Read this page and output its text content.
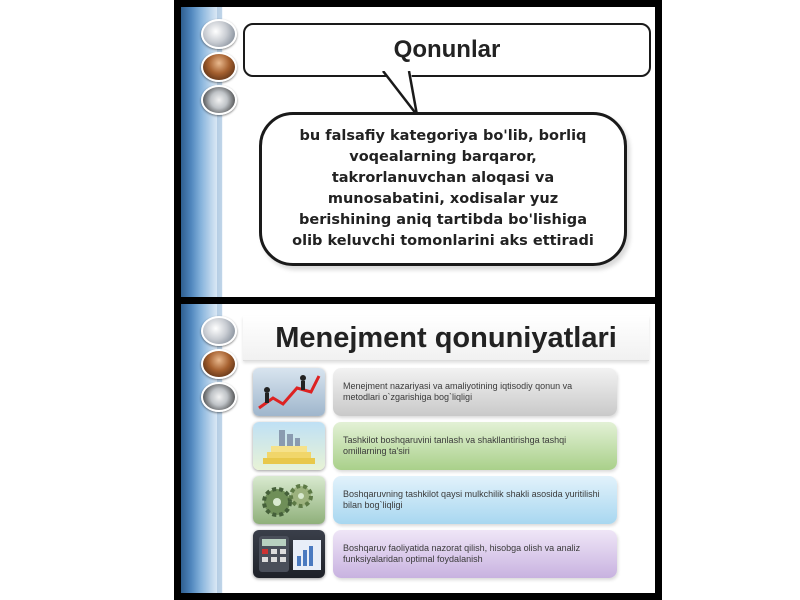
Qonunlar
bu falsafiy kategoriya bo'lib, borliq
voqealarning barqaror,
takrorlanuvchan aloqasi va
munosabatini, xodisalar yuz
berishining aniq tartibda bo'lishiga
olib keluvchi tomonlarini aks ettiradi
Menejment qonuniyatlari
Menejment nazariyasi va amaliyotining iqtisodiy qonun va metodlari o`zgarishiga bog`liqligi
Tashkilot boshqaruvini tanlash va shakllantirishga tashqi omillarning ta'siri
Boshqaruvning tashkilot qaysi mulkchilik shakli asosida yuritilishi bilan bog`liqligi
Boshqaruv faoliyatida nazorat qilish, hisobga olish va analiz funksiyalaridan optimal foydalanish
